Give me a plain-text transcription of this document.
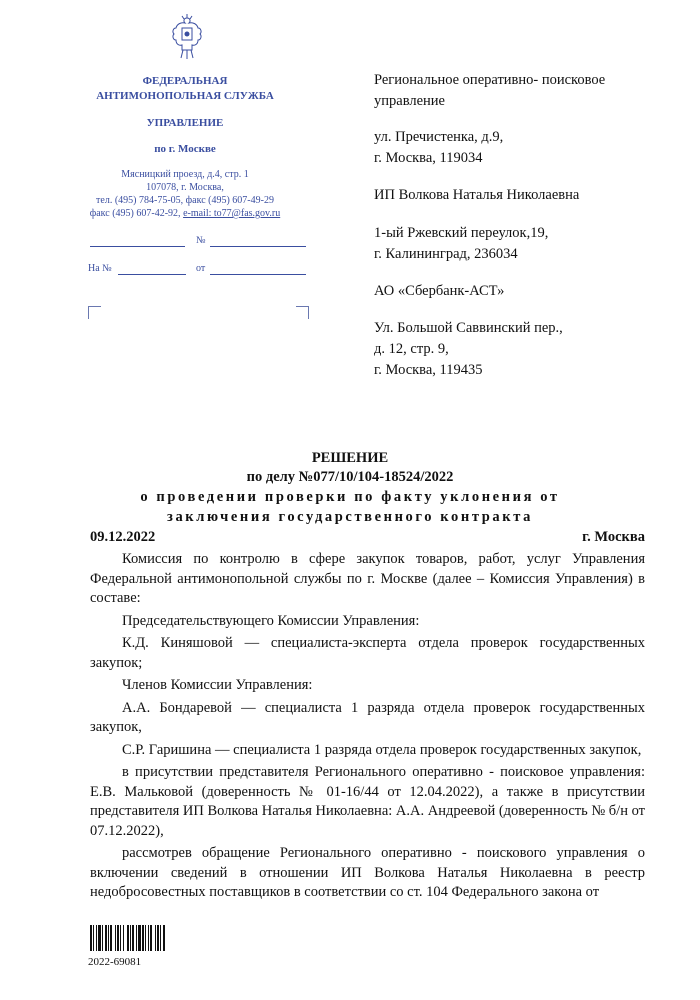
ФЕДЕРАЛЬНАЯ
АНТИМОНОПОЛЬНАЯ СЛУЖБА
УПРАВЛЕНИЕ
по г. Москве
Мясницкий проезд, д.4, стр. 1
107078, г. Москва,
тел. (495) 784-75-05, факс (495) 607-49-29
факс (495) 607-42-92, e-mail: to77@fas.gov.ru
№
На №	от
Региональное оперативно- поисковое
управление
ул. Пречистенка, д.9,
г. Москва, 119034
ИП Волкова Наталья Николаевна
1-ый Ржевский переулок,19,
г. Калининград, 236034
АО «Сбербанк-АСТ»
Ул. Большой Саввинский пер.,
д. 12, стр. 9,
г. Москва, 119435
РЕШЕНИЕ
по делу №077/10/104-18524/2022
о проведении проверки по факту уклонения от
заключения государственного контракта
09.12.2022	г. Москва

Комиссия по контролю в сфере закупок товаров, работ, услуг Управления Федеральной антимонопольной службы по г. Москве (далее – Комиссия Управления) в составе:

Председательствующего Комиссии Управления:

К.Д. Киняшовой — специалиста-эксперта отдела проверок государственных закупок;

Членов Комиссии Управления:

А.А. Бондаревой — специалиста 1 разряда отдела проверок государственных закупок,

С.Р. Гаришина — специалиста 1 разряда отдела проверок государственных закупок,

в присутствии представителя Регионального оперативно - поисковое управления: Е.В. Мальковой (доверенность № 01-16/44 от 12.04.2022), а также в присутствии представителя ИП Волкова Наталья Николаевна: А.А. Андреевой (доверенность № б/н от 07.12.2022),

рассмотрев обращение Регионального оперативно - поискового управления о включении сведений в отношении ИП Волкова Наталья Николаевна в реестр недобросовестных поставщиков в соответствии со ст. 104 Федерального закона от

2022-69081
